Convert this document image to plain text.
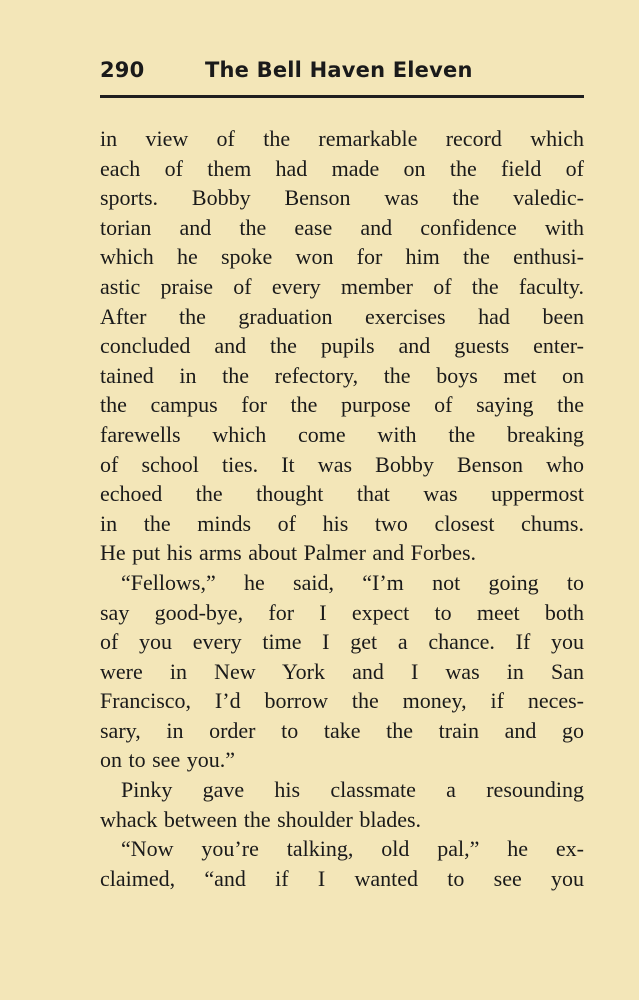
290	The Bell Haven Eleven
in view of the remarkable record which
each of them had made on the field of
sports. Bobby Benson was the valedic-
torian and the ease and confidence with
which he spoke won for him the enthusi-
astic praise of every member of the faculty.
After the graduation exercises had been
concluded and the pupils and guests enter-
tained in the refectory, the boys met on
the campus for the purpose of saying the
farewells which come with the breaking
of school ties. It was Bobby Benson who
echoed the thought that was uppermost
in the minds of his two closest chums.
He put his arms about Palmer and Forbes.
“Fellows,” he said, “I’m not going to
say good-bye, for I expect to meet both
of you every time I get a chance. If you
were in New York and I was in San
Francisco, I’d borrow the money, if neces-
sary, in order to take the train and go
on to see you.”
Pinky gave his classmate a resounding
whack between the shoulder blades.
“Now you’re talking, old pal,” he ex-
claimed, “and if I wanted to see you
